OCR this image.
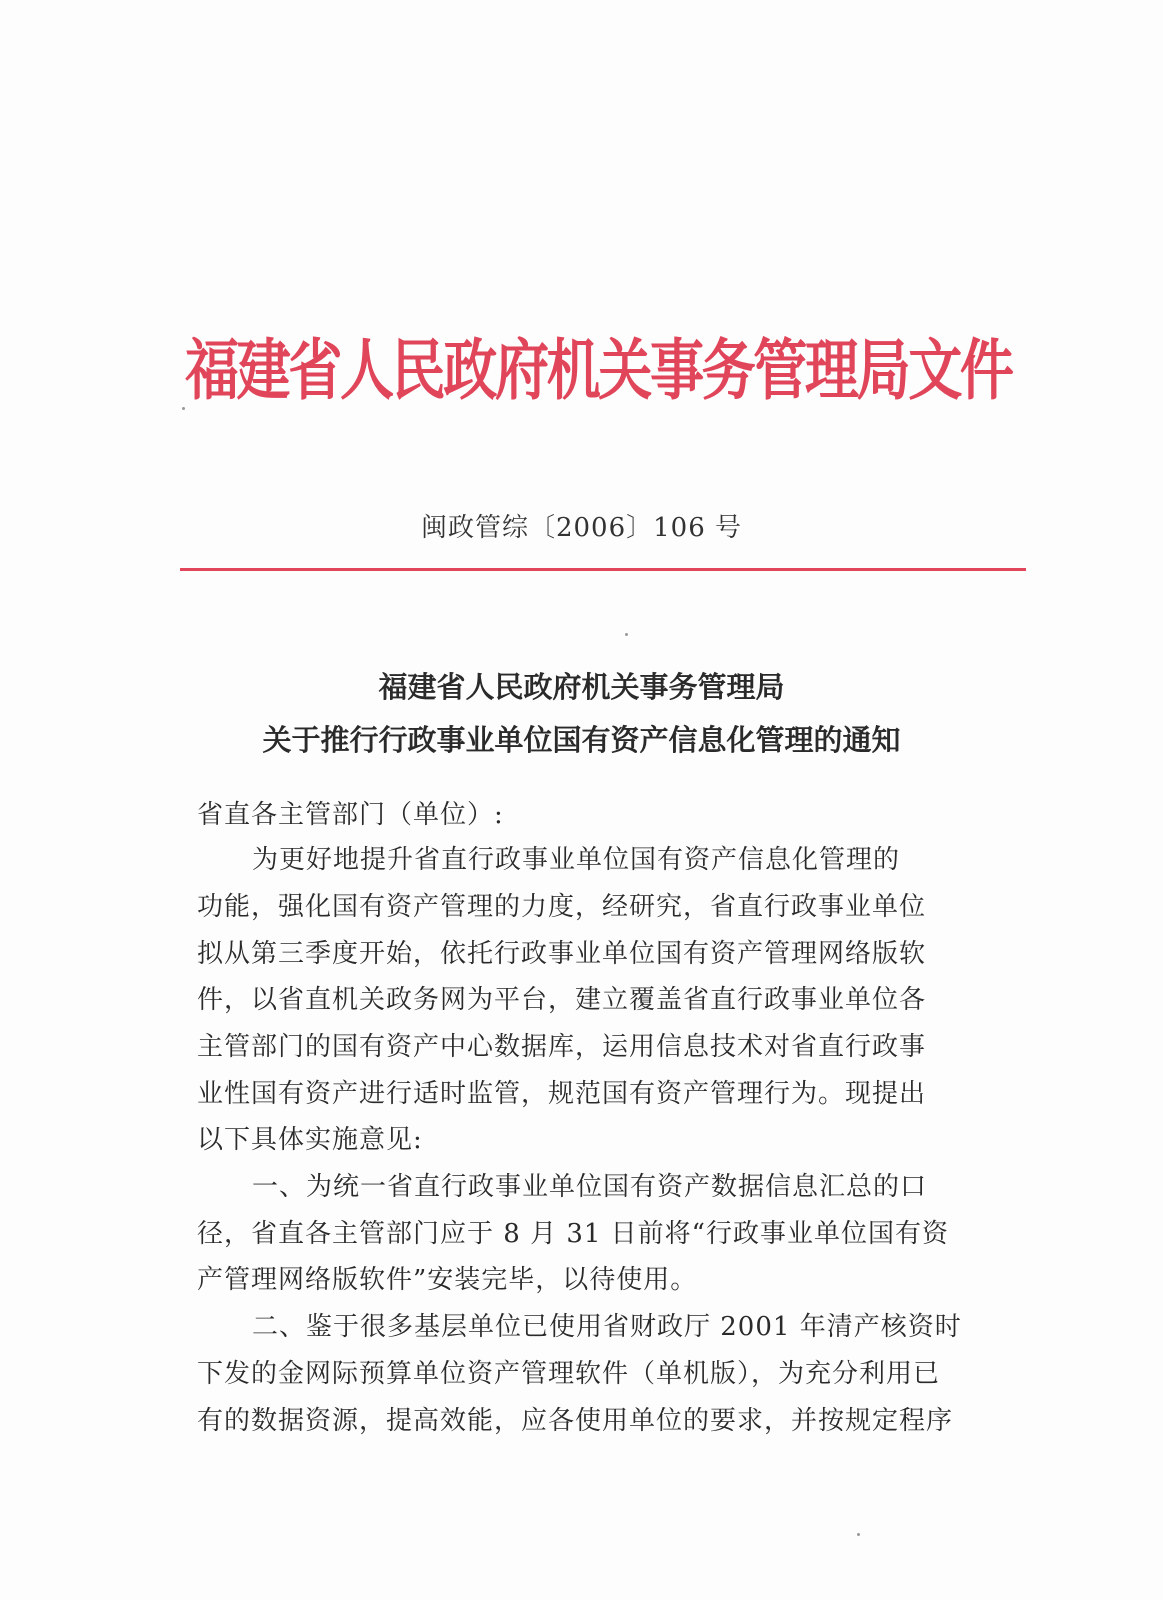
福建省人民政府机关事务管理局文件
闽政管综〔2006〕106 号
福建省人民政府机关事务管理局
关于推行行政事业单位国有资产信息化管理的通知
省直各主管部门（单位）:
为更好地提升省直行政事业单位国有资产信息化管理的
功能，强化国有资产管理的力度，经研究，省直行政事业单位
拟从第三季度开始，依托行政事业单位国有资产管理网络版软
件，以省直机关政务网为平台，建立覆盖省直行政事业单位各
主管部门的国有资产中心数据库，运用信息技术对省直行政事
业性国有资产进行适时监管，规范国有资产管理行为。现提出
以下具体实施意见:
一、为统一省直行政事业单位国有资产数据信息汇总的口
径，省直各主管部门应于 8 月 31 日前将“行政事业单位国有资
产管理网络版软件”安装完毕，以待使用。
二、鉴于很多基层单位已使用省财政厅 2001 年清产核资时
下发的金网际预算单位资产管理软件（单机版），为充分利用已
有的数据资源，提高效能，应各使用单位的要求，并按规定程序
